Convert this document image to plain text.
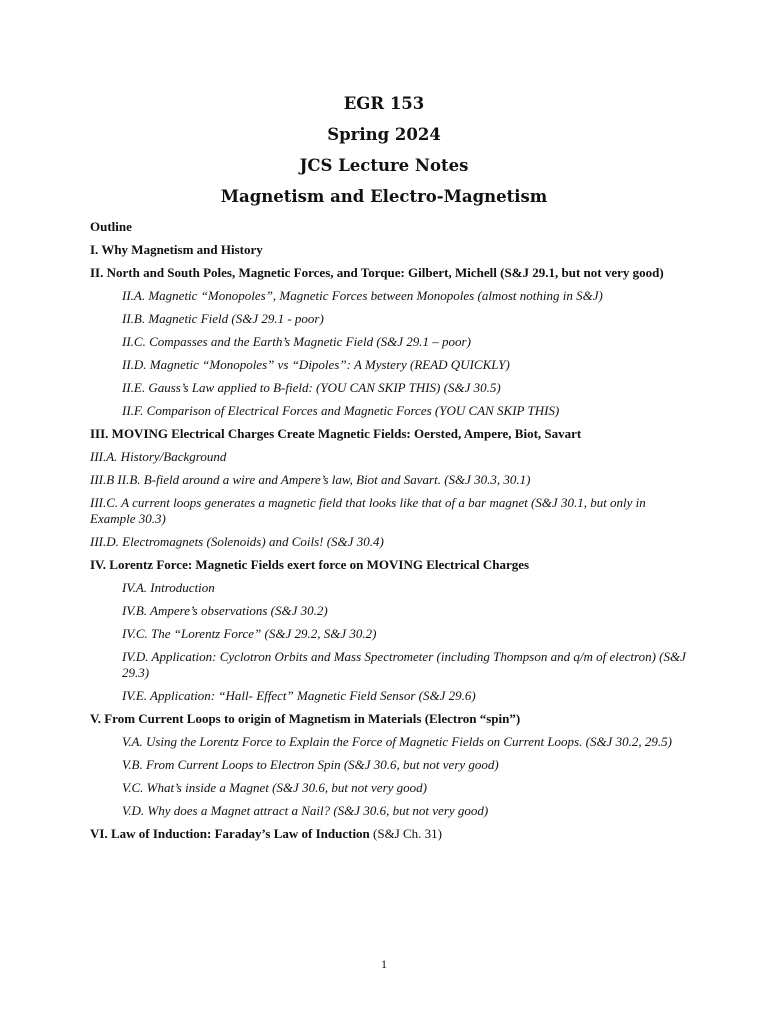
EGR 153

Spring 2024

JCS Lecture Notes

Magnetism and Electro-Magnetism

Outline

I. Why Magnetism and History

II. North and South Poles, Magnetic Forces, and Torque: Gilbert, Michell (S&J 29.1, but not very good)

II.A. Magnetic “Monopoles”, Magnetic Forces between Monopoles (almost nothing in S&J)

II.B. Magnetic Field (S&J 29.1 - poor)

II.C. Compasses and the Earth’s Magnetic Field (S&J 29.1 – poor)

II.D. Magnetic “Monopoles” vs “Dipoles”: A Mystery (READ QUICKLY)

II.E. Gauss’s Law applied to B-field: (YOU CAN SKIP THIS) (S&J 30.5)

II.F. Comparison of Electrical Forces and Magnetic Forces (YOU CAN SKIP THIS)

III. MOVING Electrical Charges Create Magnetic Fields: Oersted, Ampere, Biot, Savart

III.A. History/Background

III.B II.B. B-field around a wire and Ampere’s law, Biot and Savart. (S&J 30.3, 30.1)

III.C. A current loops generates a magnetic field that looks like that of a bar magnet (S&J 30.1, but only in Example 30.3)

III.D. Electromagnets (Solenoids) and Coils! (S&J 30.4)

IV. Lorentz Force: Magnetic Fields exert force on MOVING Electrical Charges

IV.A. Introduction

IV.B. Ampere’s observations (S&J 30.2)

IV.C. The “Lorentz Force” (S&J 29.2, S&J 30.2)

IV.D. Application: Cyclotron Orbits and Mass Spectrometer (including Thompson and q/m of electron) (S&J 29.3)

IV.E. Application: “Hall- Effect” Magnetic Field Sensor (S&J 29.6)

V. From Current Loops to origin of Magnetism in Materials (Electron “spin”)

V.A. Using the Lorentz Force to Explain the Force of Magnetic Fields on Current Loops. (S&J 30.2, 29.5)

V.B. From Current Loops to Electron Spin (S&J 30.6, but not very good)

V.C. What’s inside a Magnet (S&J 30.6, but not very good)

V.D. Why does a Magnet attract a Nail? (S&J 30.6, but not very good)

VI. Law of Induction: Faraday’s Law of Induction (S&J Ch. 31)

1
